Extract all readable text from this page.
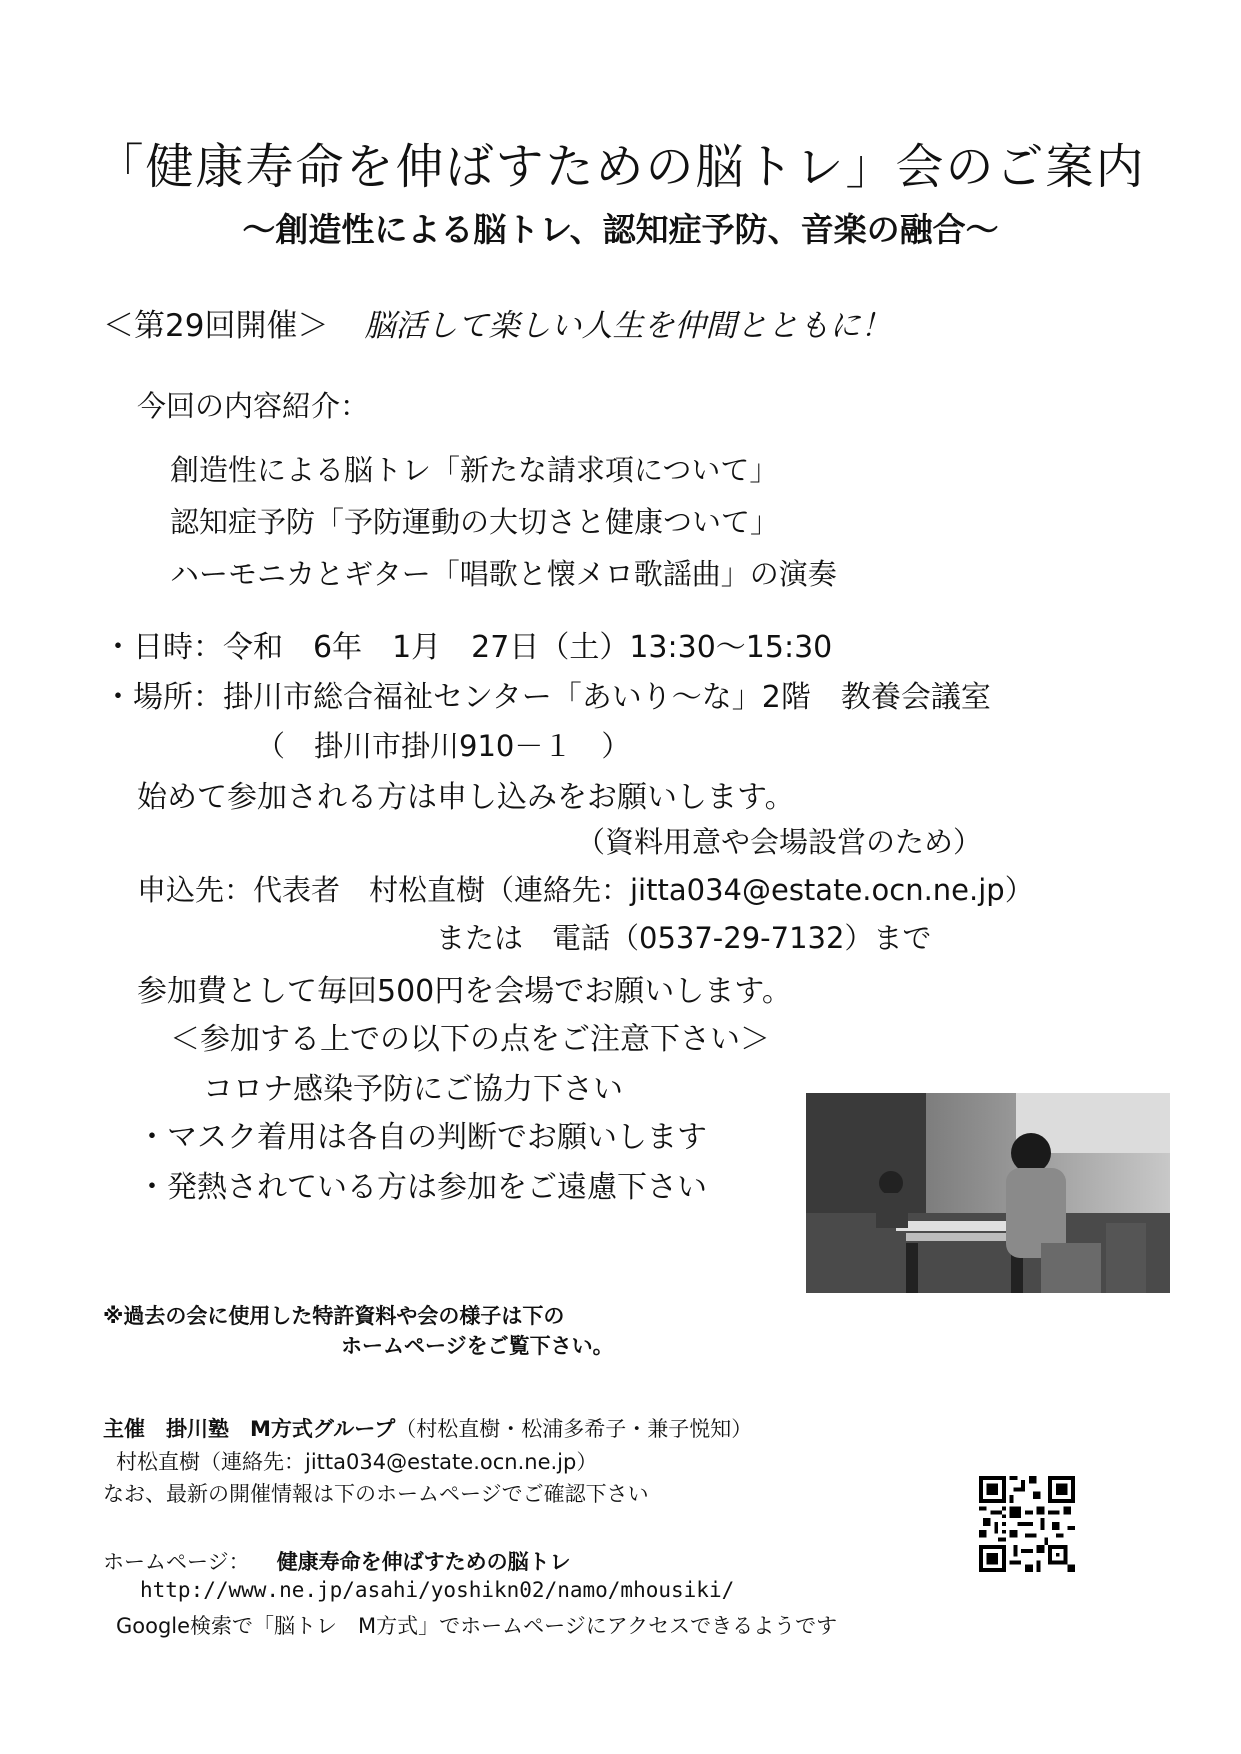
「健康寿命を伸ばすための脳トレ」会のご案内
〜創造性による脳トレ、認知症予防、音楽の融合〜
＜第29回開催＞ 脳活して楽しい人生を仲間とともに！
今回の内容紹介：
創造性による脳トレ「新たな請求項について」
認知症予防「予防運動の大切さと健康ついて」
ハーモニカとギター「唱歌と懐メロ歌謡曲」の演奏
・日時：令和　6年　1月　27日（土）13:30〜15:30
・場所：掛川市総合福祉センター「あいり〜な」2階　教養会議室
（　掛川市掛川910－１　）
始めて参加される方は申し込みをお願いします。
（資料用意や会場設営のため）
申込先：代表者　村松直樹（連絡先：jitta034@estate.ocn.ne.jp）
または　電話（0537-29-7132）まで
参加費として毎回500円を会場でお願いします。
＜参加する上での以下の点をご注意下さい＞
コロナ感染予防にご協力下さい
・マスク着用は各自の判断でお願いします
・発熱されている方は参加をご遠慮下さい
※過去の会に使用した特許資料や会の様子は下の
ホームページをご覧下さい。
主催　掛川塾　M方式グループ（村松直樹・松浦多希子・兼子悦知）
村松直樹（連絡先：jitta034@estate.ocn.ne.jp）
なお、最新の開催情報は下のホームページでご確認下さい
ホームページ： 健康寿命を伸ばすための脳トレ
http://www.ne.jp/asahi/yoshikn02/namo/mhousiki/
Google検索で「脳トレ　M方式」でホームページにアクセスできるようです
